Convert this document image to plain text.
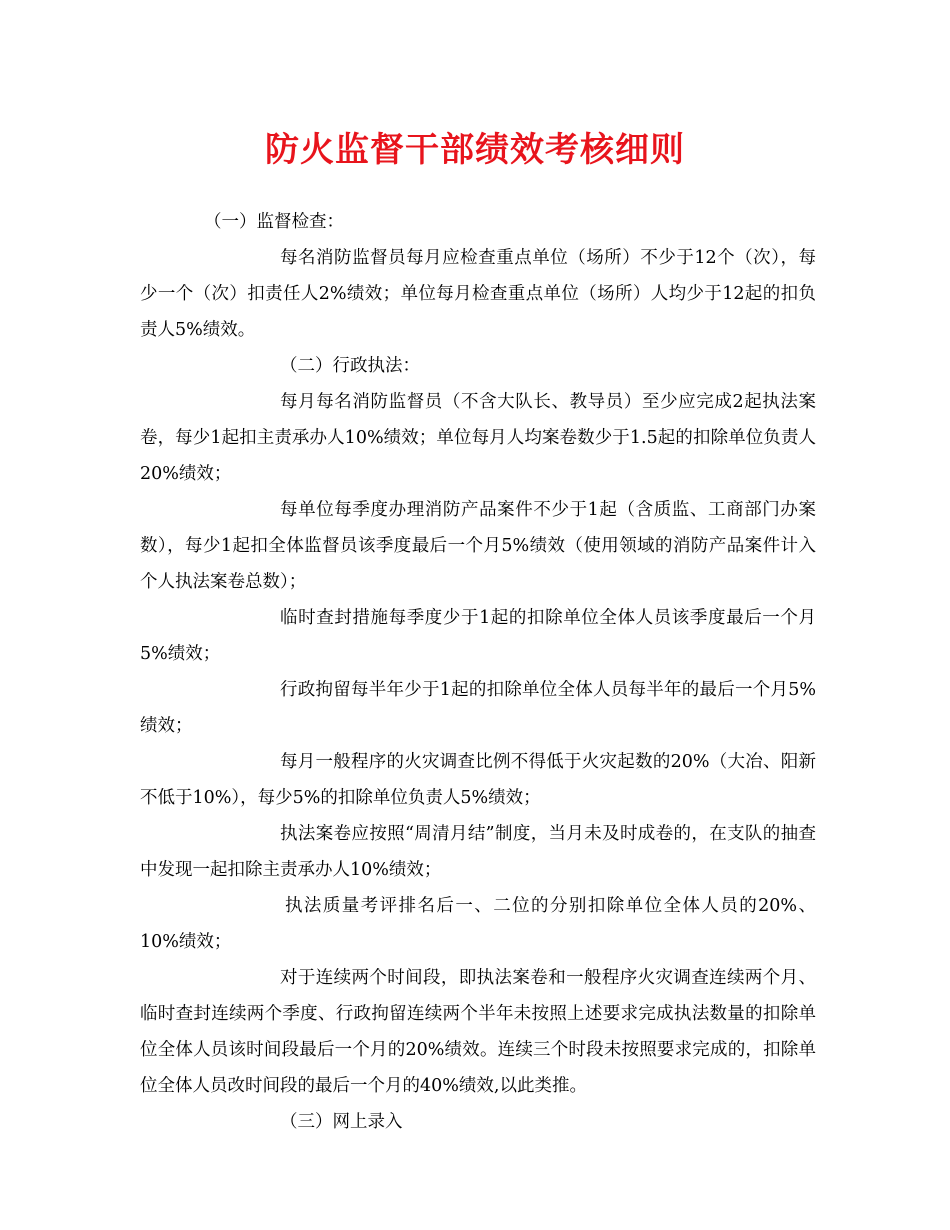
防火监督干部绩效考核细则

（一）监督检查：

每名消防监督员每月应检查重点单位（场所）不少于12个（次），每少一个（次）扣责任人2%绩效；单位每月检查重点单位（场所）人均少于12起的扣负责人5%绩效。

（二）行政执法：

每月每名消防监督员（不含大队长、教导员）至少应完成2起执法案卷，每少1起扣主责承办人10%绩效；单位每月人均案卷数少于1.5起的扣除单位负责人20%绩效；

每单位每季度办理消防产品案件不少于1起（含质监、工商部门办案数），每少1起扣全体监督员该季度最后一个月5%绩效（使用领域的消防产品案件计入个人执法案卷总数）；

临时查封措施每季度少于1起的扣除单位全体人员该季度最后一个月5%绩效；

行政拘留每半年少于1起的扣除单位全体人员每半年的最后一个月5%绩效；

每月一般程序的火灾调查比例不得低于火灾起数的20%（大冶、阳新不低于10%），每少5%的扣除单位负责人5%绩效；

执法案卷应按照“周清月结”制度，当月未及时成卷的，在支队的抽查中发现一起扣除主责承办人10%绩效；

执法质量考评排名后一、二位的分别扣除单位全体人员的20%、10%绩效；

对于连续两个时间段，即执法案卷和一般程序火灾调查连续两个月、临时查封连续两个季度、行政拘留连续两个半年未按照上述要求完成执法数量的扣除单位全体人员该时间段最后一个月的20%绩效。连续三个时段未按照要求完成的，扣除单位全体人员改时间段的最后一个月的40%绩效,以此类推。

（三）网上录入
